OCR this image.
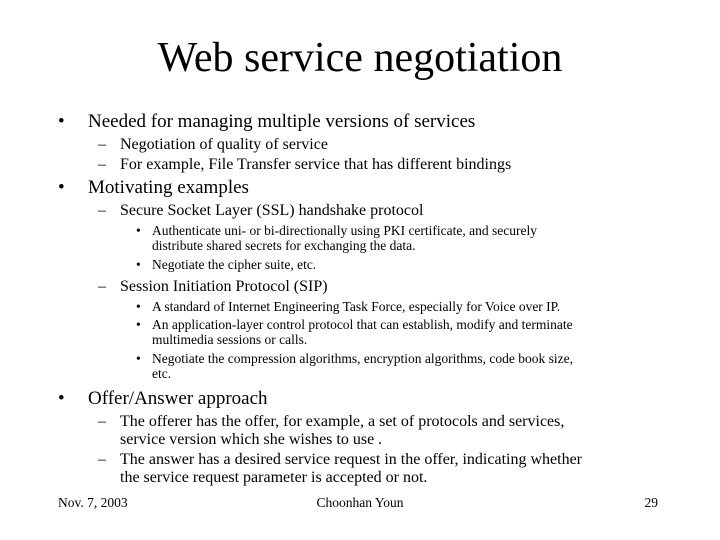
Web service negotiation
• Needed for managing multiple versions of services
– Negotiation of quality of service
– For example, File Transfer service that has different bindings
• Motivating examples
– Secure Socket Layer (SSL) handshake protocol
• Authenticate uni- or bi-directionally using PKI certificate, and securely
distribute shared secrets for exchanging the data.
• Negotiate the cipher suite, etc.
– Session Initiation Protocol (SIP)
• A standard of Internet Engineering Task Force, especially for Voice over IP.
• An application-layer control protocol that can establish, modify and terminate
multimedia sessions or calls.
• Negotiate the compression algorithms, encryption algorithms, code book size,
etc.
• Offer/Answer approach
– The offerer has the offer, for example, a set of protocols and services,
service version which she wishes to use .
– The answer has a desired service request in the offer, indicating whether
the service request parameter is accepted or not.
Nov. 7, 2003	Choonhan Youn	29
